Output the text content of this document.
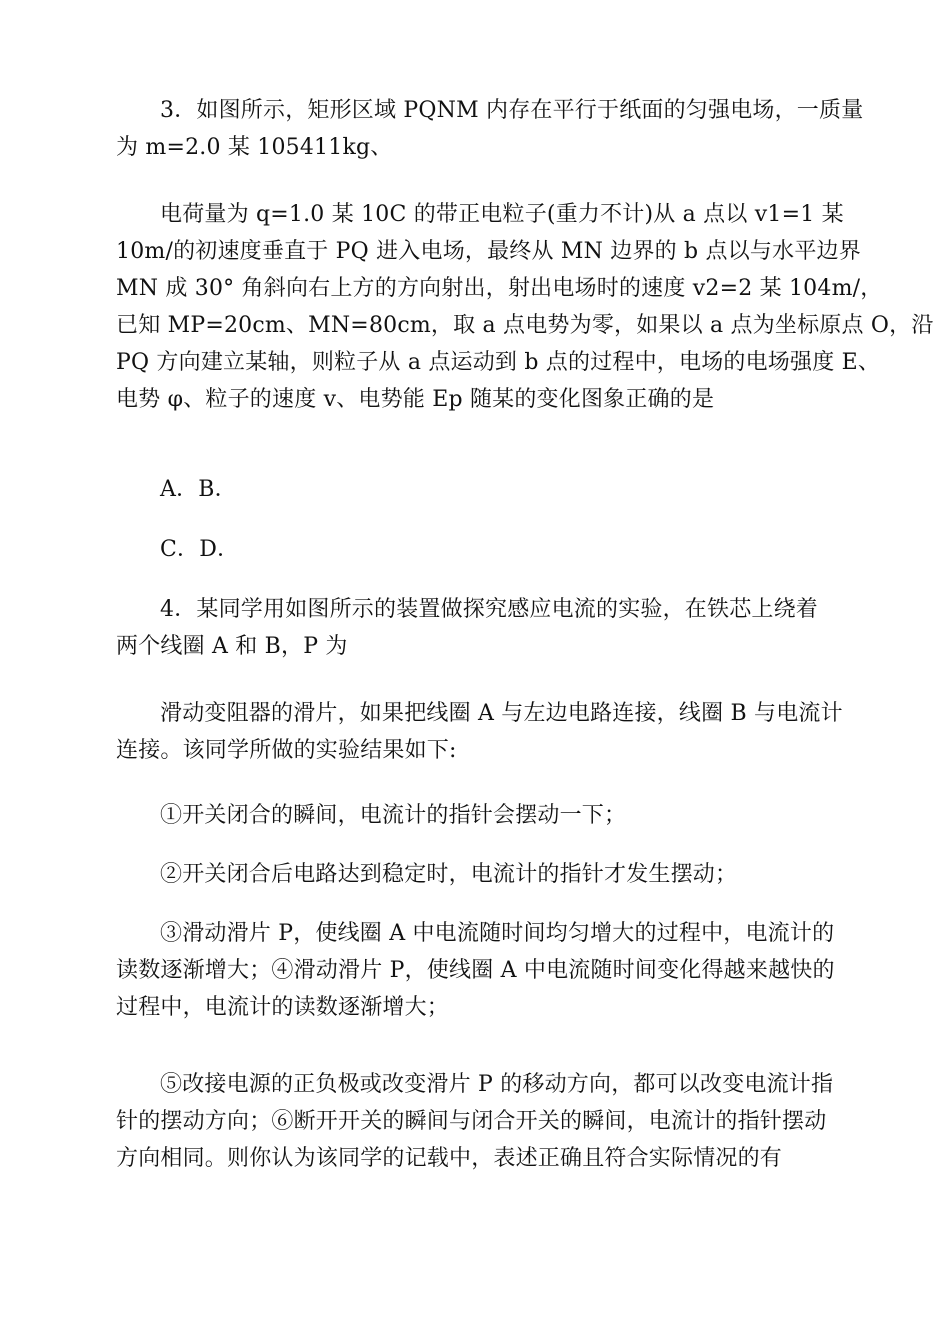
3．如图所示，矩形区域 PQNM 内存在平行于纸面的匀强电场，一质量
为 m=2.0 某 105411kg、

电荷量为 q=1.0 某 10C 的带正电粒子(重力不计)从 a 点以 v1=1 某
10m/的初速度垂直于 PQ 进入电场，最终从 MN 边界的 b 点以与水平边界
MN 成 30° 角斜向右上方的方向射出，射出电场时的速度 v2=2 某 104m/，
已知 MP=20cm、MN=80cm，取 a 点电势为零，如果以 a 点为坐标原点 O，沿
PQ 方向建立某轴，则粒子从 a 点运动到 b 点的过程中，电场的电场强度 E、
电势 φ、粒子的速度 v、电势能 Ep 随某的变化图象正确的是

A．B．

C．D．

4．某同学用如图所示的装置做探究感应电流的实验，在铁芯上绕着
两个线圈 A 和 B，P 为

滑动变阻器的滑片，如果把线圈 A 与左边电路连接，线圈 B 与电流计
连接。该同学所做的实验结果如下:

①开关闭合的瞬间，电流计的指针会摆动一下；

②开关闭合后电路达到稳定时，电流计的指针才发生摆动；

③滑动滑片 P，使线圈 A 中电流随时间均匀增大的过程中，电流计的
读数逐渐增大；④滑动滑片 P，使线圈 A 中电流随时间变化得越来越快的
过程中，电流计的读数逐渐增大；

⑤改接电源的正负极或改变滑片 P 的移动方向，都可以改变电流计指
针的摆动方向；⑥断开开关的瞬间与闭合开关的瞬间，电流计的指针摆动
方向相同。则你认为该同学的记载中，表述正确且符合实际情况的有
